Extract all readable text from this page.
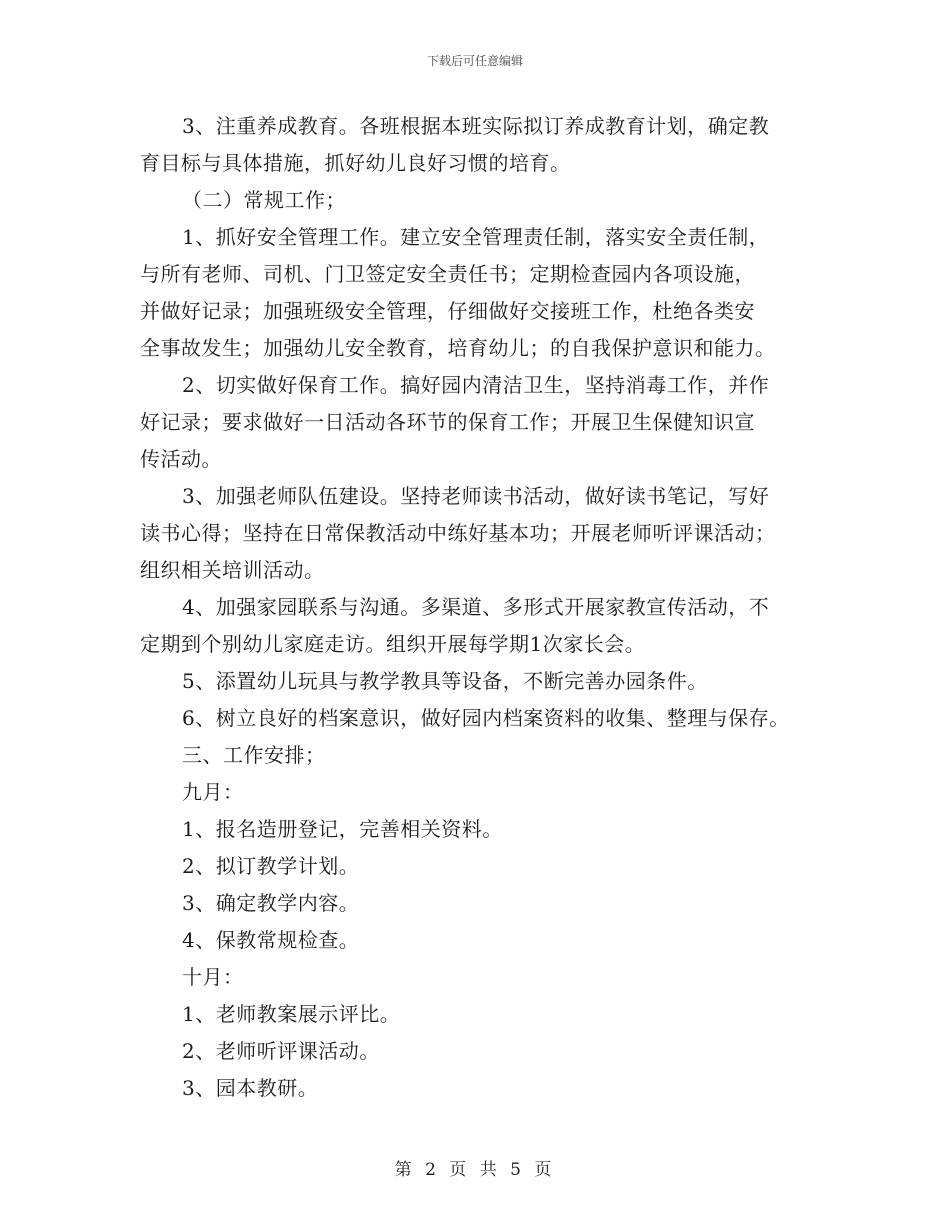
下载后可任意编辑
3、注重养成教育。各班根据本班实际拟订养成教育计划，确定教
育目标与具体措施，抓好幼儿良好习惯的培育。
（二）常规工作；
1、抓好安全管理工作。建立安全管理责任制，落实安全责任制，
与所有老师、司机、门卫签定安全责任书；定期检查园内各项设施，
并做好记录；加强班级安全管理，仔细做好交接班工作，杜绝各类安
全事故发生；加强幼儿安全教育，培育幼儿；的自我保护意识和能力。
2、切实做好保育工作。搞好园内清洁卫生，坚持消毒工作，并作
好记录；要求做好一日活动各环节的保育工作；开展卫生保健知识宣
传活动。
3、加强老师队伍建设。坚持老师读书活动，做好读书笔记，写好
读书心得；坚持在日常保教活动中练好基本功；开展老师听评课活动；
组织相关培训活动。
4、加强家园联系与沟通。多渠道、多形式开展家教宣传活动，不
定期到个别幼儿家庭走访。组织开展每学期1次家长会。
5、添置幼儿玩具与教学教具等设备，不断完善办园条件。
6、树立良好的档案意识，做好园内档案资料的收集、整理与保存。
三、工作安排；
九月：
1、报名造册登记，完善相关资料。
2、拟订教学计划。
3、确定教学内容。
4、保教常规检查。
十月：
1、老师教案展示评比。
2、老师听评课活动。
3、园本教研。
第 2 页 共 5 页
